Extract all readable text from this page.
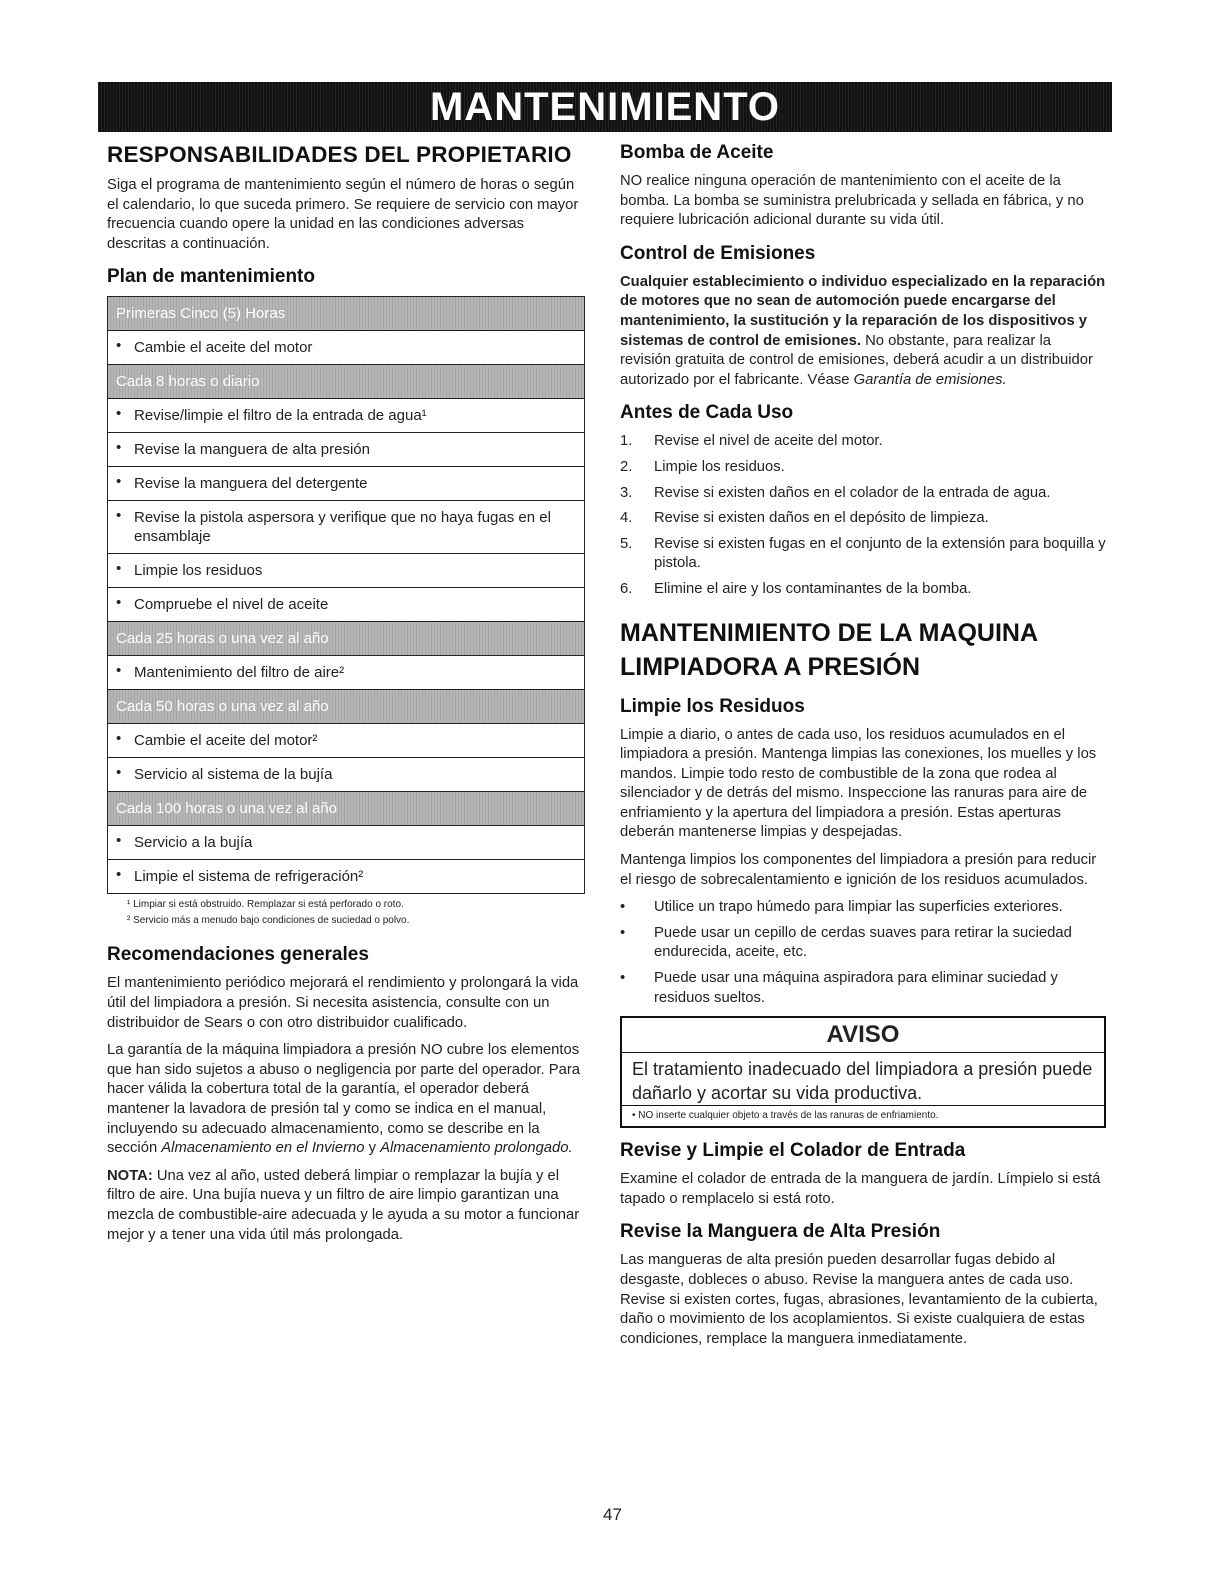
MANTENIMIENTO
RESPONSABILIDADES DEL PROPIETARIO

Siga el programa de mantenimiento según el número de horas o según el calendario, lo que suceda primero. Se requiere de servicio con mayor frecuencia cuando opere la unidad en las condiciones adversas descritas a continuación.

Plan de mantenimiento
Primeras Cinco (5) Horas

• Cambie el aceite del motor
Cada 8 horas o diario

• Revise/limpie el filtro de la entrada de agua¹

• Revise la manguera de alta presión

• Revise la manguera del detergente

• Revise la pistola aspersora y verifique que no haya fugas en el ensamblaje

• Limpie los residuos

• Compruebe el nivel de aceite
Cada 25 horas o una vez al año

• Mantenimiento del filtro de aire²
Cada 50 horas o una vez al año

• Cambie el aceite del motor²

• Servicio al sistema de la bujía
Cada 100 horas o una vez al año

• Servicio a la bujía

• Limpie el sistema de refrigeración²
¹ Limpiar si está obstruido. Remplazar si está perforado o roto.
² Servicio más a menudo bajo condiciones de suciedad o polvo.
Recomendaciones generales

El mantenimiento periódico mejorará el rendimiento y prolongará la vida útil del limpiadora a presión. Si necesita asistencia, consulte con un distribuidor de Sears o con otro distribuidor cualificado.

La garantía de la máquina limpiadora a presión NO cubre los elementos que han sido sujetos a abuso o negligencia por parte del operador. Para hacer válida la cobertura total de la garantía, el operador deberá mantener la lavadora de presión tal y como se indica en el manual, incluyendo su adecuado almacenamiento, como se describe en la sección Almacenamiento en el Invierno y Almacenamiento prolongado.

NOTA: Una vez al año, usted deberá limpiar o remplazar la bujía y el filtro de aire. Una bujía nueva y un filtro de aire limpio garantizan una mezcla de combustible-aire adecuada y le ayuda a su motor a funcionar mejor y a tener una vida útil más prolongada.

Bomba de Aceite

NO realice ninguna operación de mantenimiento con el aceite de la bomba. La bomba se suministra prelubricada y sellada en fábrica, y no requiere lubricación adicional durante su vida útil.

Control de Emisiones

Cualquier establecimiento o individuo especializado en la reparación de motores que no sean de automoción puede encargarse del mantenimiento, la sustitución y la reparación de los dispositivos y sistemas de control de emisiones. No obstante, para realizar la revisión gratuita de control de emisiones, deberá acudir a un distribuidor autorizado por el fabricante. Véase Garantía de emisiones.

Antes de Cada Uso
1.	Revise el nivel de aceite del motor.
2.	Limpie los residuos.
3.	Revise si existen daños en el colador de la entrada de agua.
4.	Revise si existen daños en el depósito de limpieza.
5.	Revise si existen fugas en el conjunto de la extensión para boquilla y pistola.
6.	Elimine el aire y los contaminantes de la bomba.
MANTENIMIENTO DE LA MAQUINA
LIMPIADORA A PRESIÓN
Limpie los Residuos

Limpie a diario, o antes de cada uso, los residuos acumulados en el limpiadora a presión. Mantenga limpias las conexiones, los muelles y los mandos. Limpie todo resto de combustible de la zona que rodea al silenciador y de detrás del mismo. Inspeccione las ranuras para aire de enfriamiento y la apertura del limpiadora a presión. Estas aperturas deberán mantenerse limpias y despejadas.

Mantenga limpios los componentes del limpiadora a presión para reducir el riesgo de sobrecalentamiento e ignición de los residuos acumulados.

•	Utilice un trapo húmedo para limpiar las superficies exteriores.
•	Puede usar un cepillo de cerdas suaves para retirar la suciedad endurecida, aceite, etc.
•	Puede usar una máquina aspiradora para eliminar suciedad y residuos sueltos.
AVISO
El tratamiento inadecuado del limpiadora a presión puede dañarlo y acortar su vida productiva.
• NO inserte cualquier objeto a través de las ranuras de enfriamiento.
Revise y Limpie el Colador de Entrada

Examine el colador de entrada de la manguera de jardín. Límpielo si está tapado o remplacelo si está roto.

Revise la Manguera de Alta Presión

Las mangueras de alta presión pueden desarrollar fugas debido al desgaste, dobleces o abuso. Revise la manguera antes de cada uso. Revise si existen cortes, fugas, abrasiones, levantamiento de la cubierta, daño o movimiento de los acoplamientos. Si existe cualquiera de estas condiciones, remplace la manguera inmediatamente.

47
